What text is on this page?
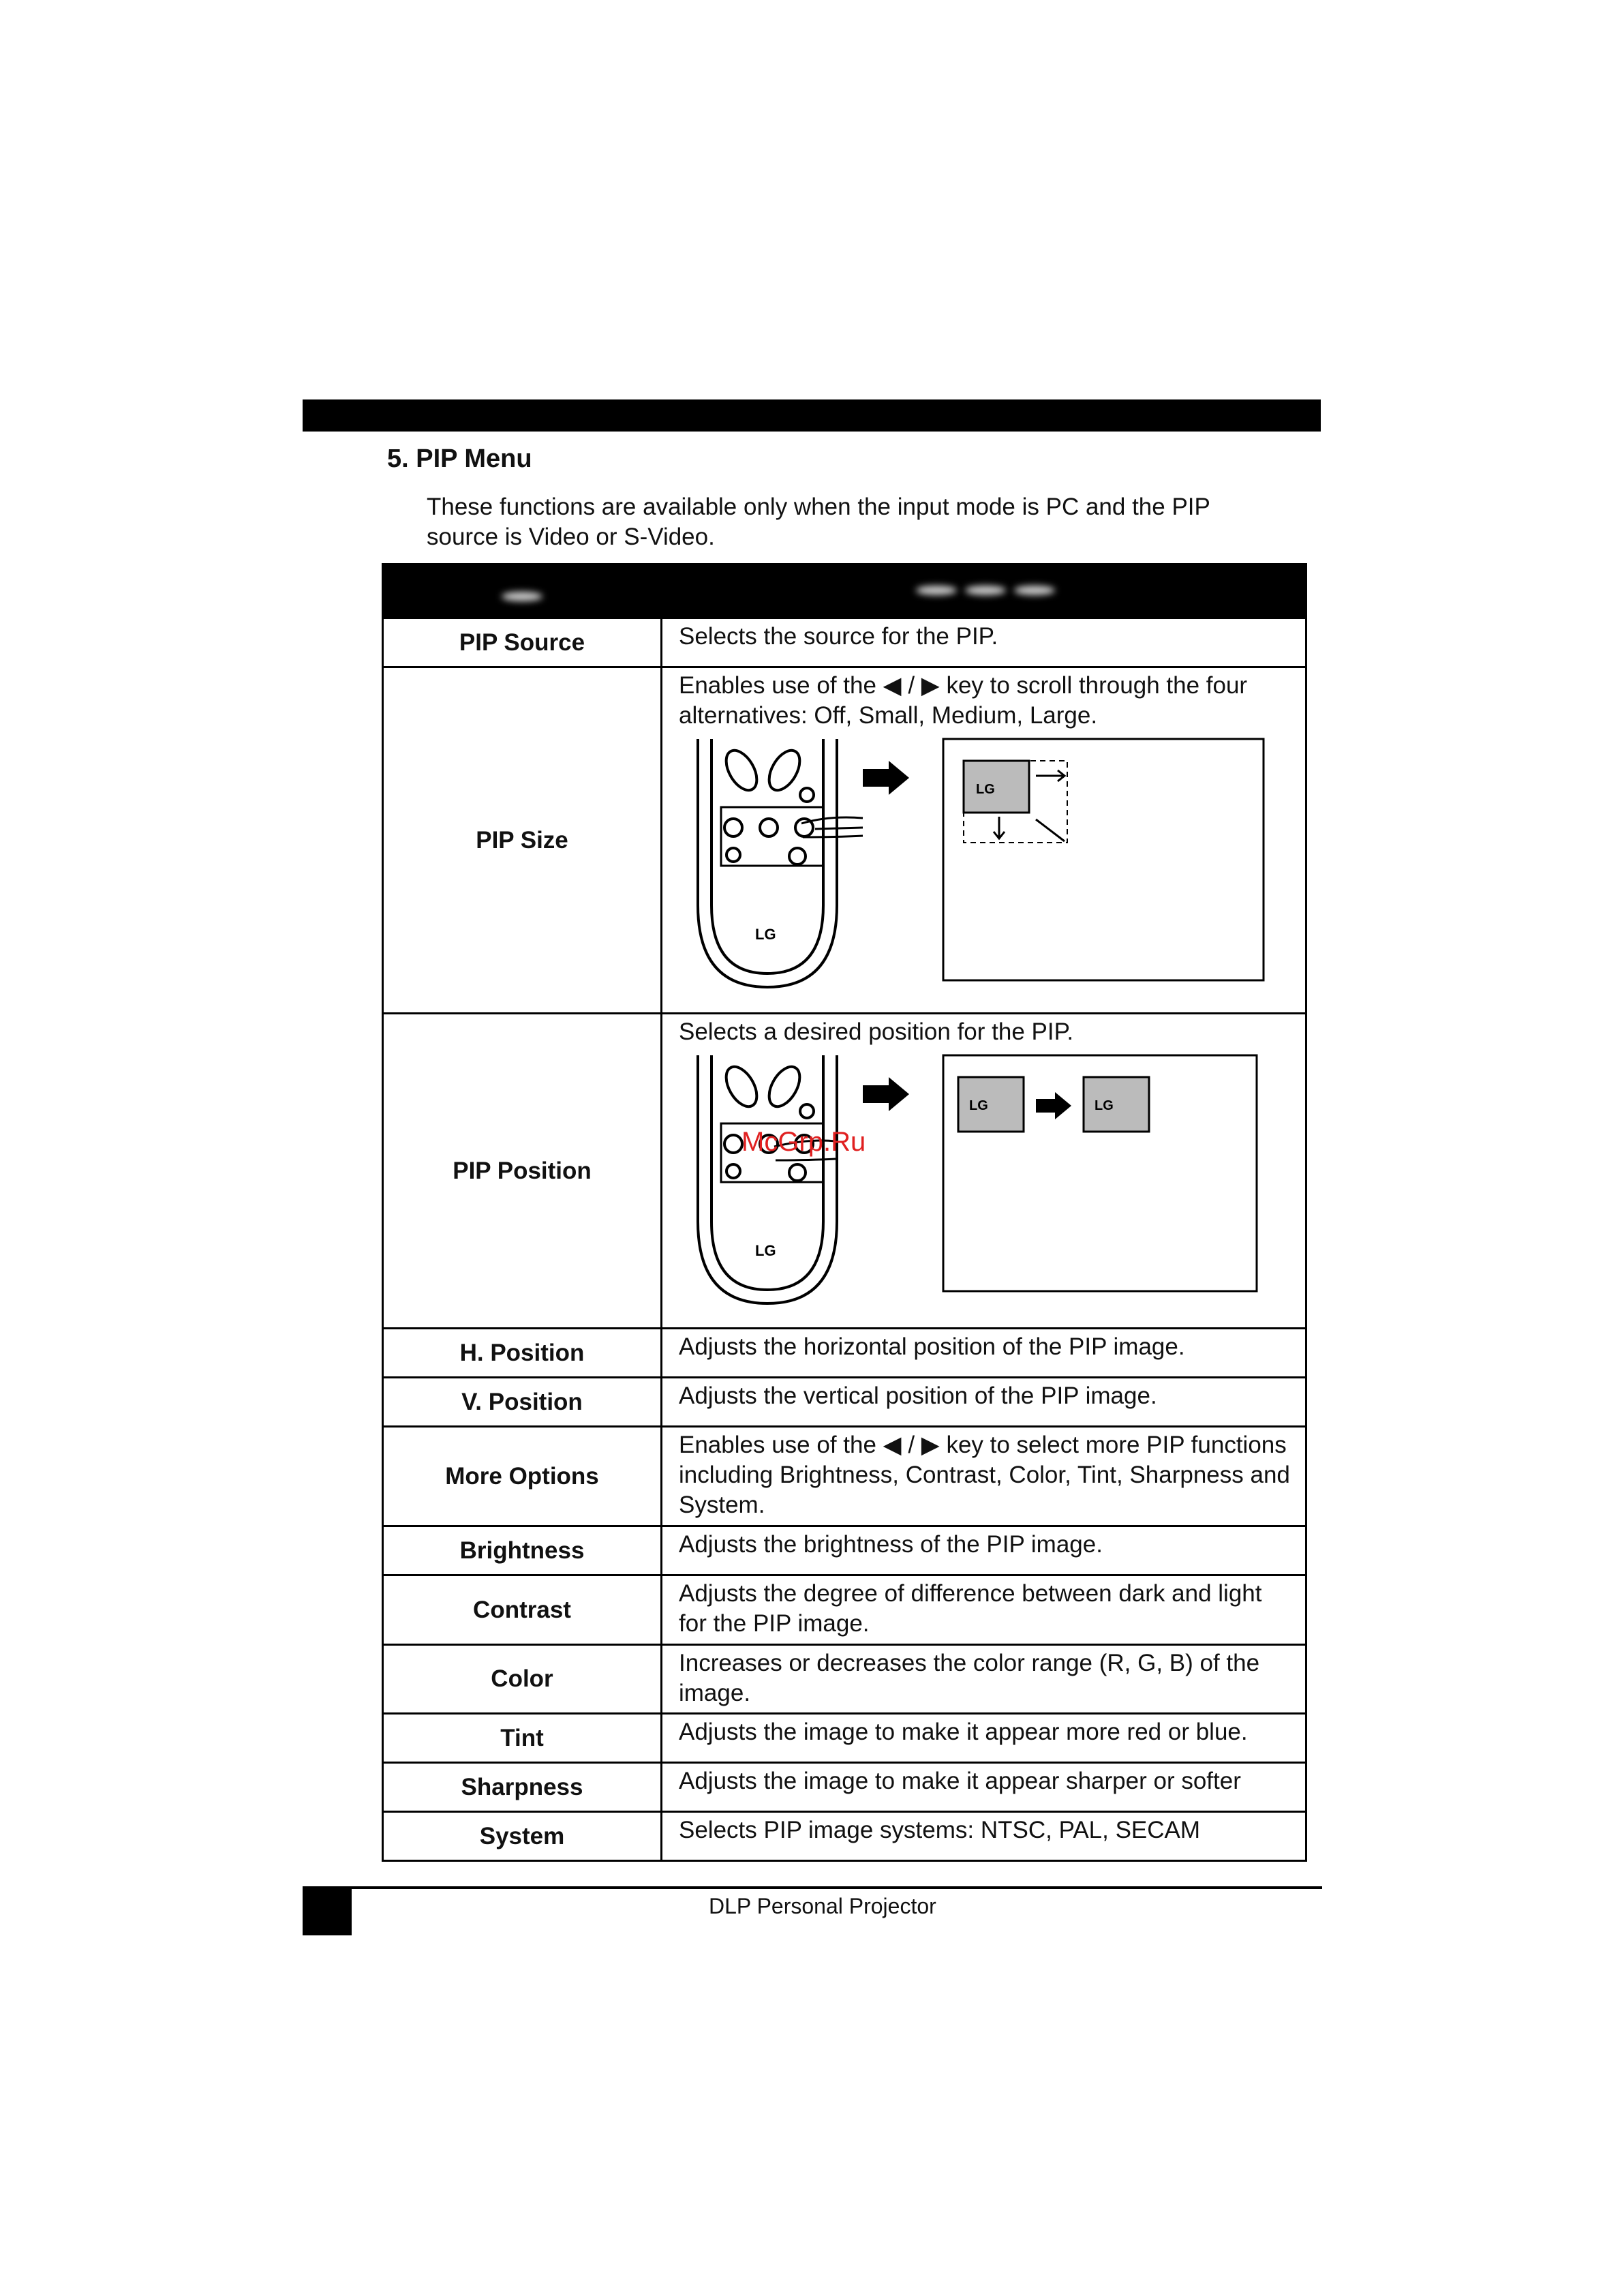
5. PIP Menu

These functions are available only when the input mode is PC and the PIP source is Video or S-Video.

PIP Source	Selects the source for the PIP.
PIP Size	Enables use of the ◀ / ▶ key to scroll through the four alternatives: Off, Small, Medium, Large.
LG
LG

PIP Position	Selects a desired position for the PIP.
LG
McGrp.Ru
LG LG

H. Position	Adjusts the horizontal position of the PIP image.
V. Position	Adjusts the vertical position of the PIP image.
More Options	Enables use of the ◀ / ▶ key to select more PIP functions including Brightness, Contrast, Color, Tint, Sharpness and System.
Brightness	Adjusts the brightness of the PIP image.
Contrast	Adjusts the degree of difference between dark and light for the PIP image.
Color	Increases or decreases the color range (R, G, B) of the image.
Tint	Adjusts the image to make it appear more red or blue.
Sharpness	Adjusts the image to make it appear sharper or softer
System	Selects PIP image systems: NTSC, PAL, SECAM
DLP Personal Projector
